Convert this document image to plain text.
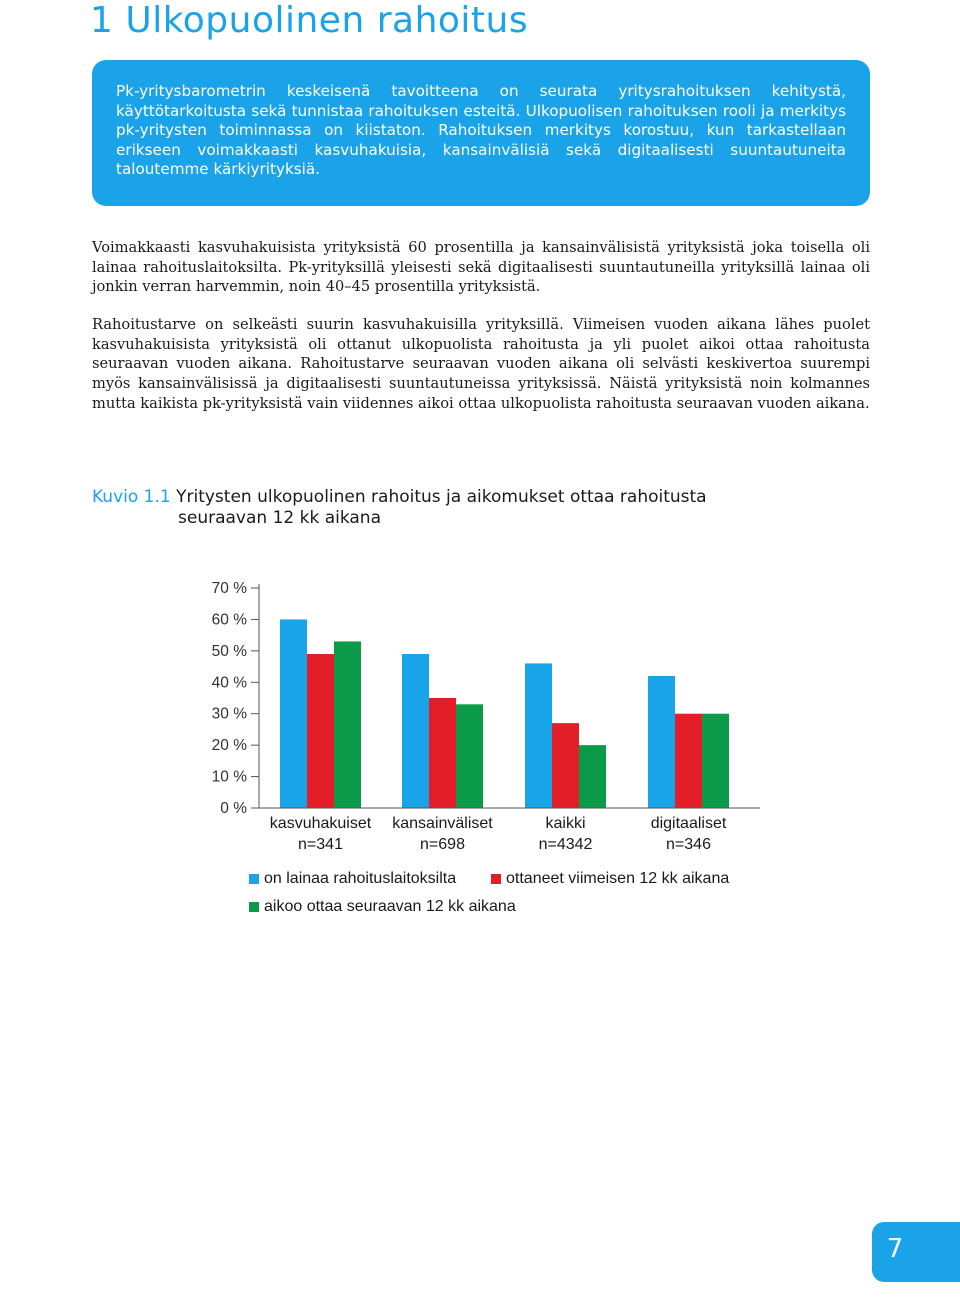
1 Ulkopuolinen rahoitus

Pk-yritysbarometrin keskeisenä tavoitteena on seurata yritysrahoituksen kehitystä, käyttötarkoitusta sekä tunnistaa rahoituksen esteitä. Ulkopuolisen rahoituksen rooli ja merkitys pk-yritysten toiminnassa on kiistaton. Rahoituksen merkitys korostuu, kun tarkastellaan erikseen voimakkaasti kasvuhakuisia, kansainvälisiä sekä digitaalisesti suuntautuneita taloutemme kärkiyrityksiä.

Voimakkaasti kasvuhakuisista yrityksistä 60 prosentilla ja kansainvälisistä yrityksistä joka toisella oli lainaa rahoituslaitoksilta. Pk-yrityksillä yleisesti sekä digitaalisesti suuntautuneilla yrityksillä lainaa oli jonkin verran harvemmin, noin 40–45 prosentilla yrityksistä.

Rahoitustarve on selkeästi suurin kasvuhakuisilla yrityksillä. Viimeisen vuoden aikana lähes puolet kasvuhakuisista yrityksistä oli ottanut ulkopuolista rahoitusta ja yli puolet aikoi ottaa rahoitusta seuraavan vuoden aikana. Rahoitustarve seuraavan vuoden aikana oli selvästi keskivertoa suurempi myös kansainvälisissä ja digitaalisesti suuntautuneissa yrityksissä. Näistä yrityksistä noin kolmannes mutta kaikista pk-yrityksistä vain viidennes aikoi ottaa ulkopuolista rahoitusta seuraavan vuoden aikana.

Kuvio 1.1 Yritysten ulkopuolinen rahoitus ja aikomukset ottaa rahoitusta
seuraavan 12 kk aikana
0 %
10 %
20 %
30 %
40 %
50 %
60 %
70 %
kasvuhakuiset
n=341
kansainväliset
n=698
kaikki
n=4342
digitaaliset
n=346
on lainaa rahoituslaitoksilta	ottaneet viimeisen 12 kk aikana
aikoo ottaa seuraavan 12 kk aikana
7
